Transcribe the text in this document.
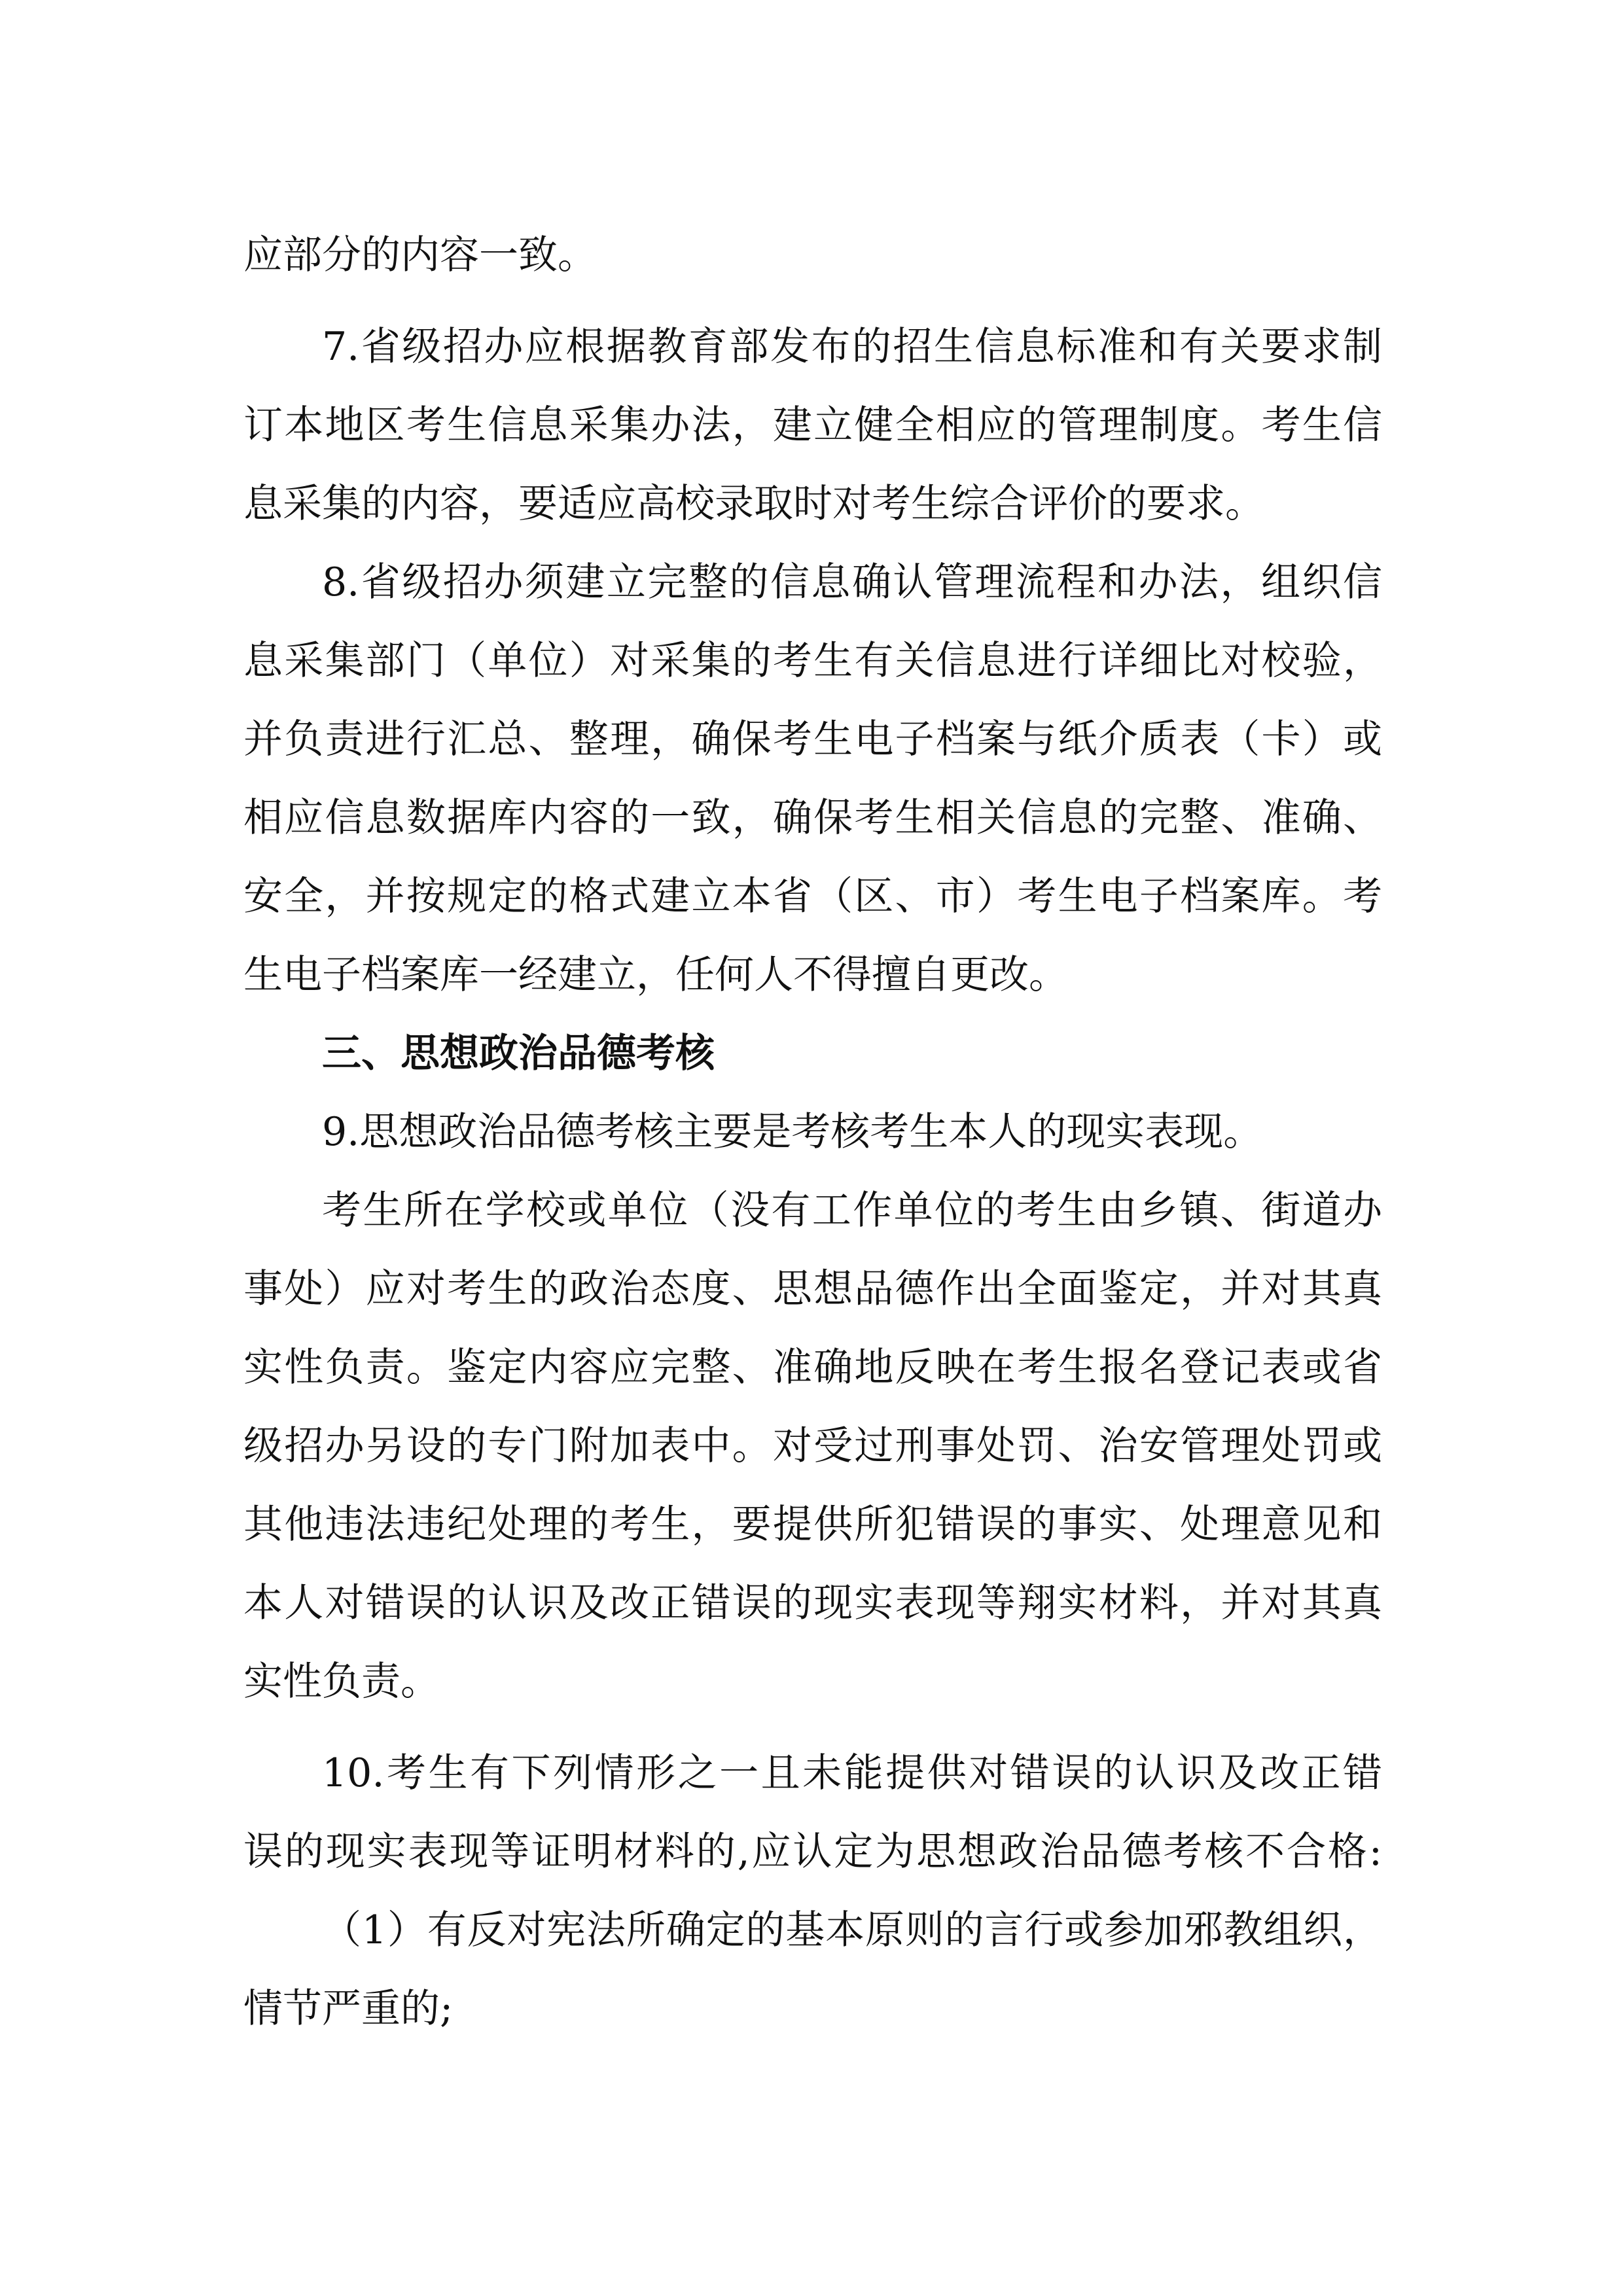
应部分的内容一致。

7.省级招办应根据教育部发布的招生信息标准和有关要求制

订本地区考生信息采集办法，建立健全相应的管理制度。考生信

息采集的内容，要适应高校录取时对考生综合评价的要求。

8.省级招办须建立完整的信息确认管理流程和办法，组织信

息采集部门（单位）对采集的考生有关信息进行详细比对校验，

并负责进行汇总、整理，确保考生电子档案与纸介质表（卡）或

相应信息数据库内容的一致，确保考生相关信息的完整、准确、

安全，并按规定的格式建立本省（区、市）考生电子档案库。考

生电子档案库一经建立，任何人不得擅自更改。

三、思想政治品德考核

9.思想政治品德考核主要是考核考生本人的现实表现。

考生所在学校或单位（没有工作单位的考生由乡镇、街道办

事处）应对考生的政治态度、思想品德作出全面鉴定，并对其真

实性负责。鉴定内容应完整、准确地反映在考生报名登记表或省

级招办另设的专门附加表中。对受过刑事处罚、治安管理处罚或

其他违法违纪处理的考生，要提供所犯错误的事实、处理意见和

本人对错误的认识及改正错误的现实表现等翔实材料，并对其真

实性负责。

10.考生有下列情形之一且未能提供对错误的认识及改正错

误的现实表现等证明材料的,应认定为思想政治品德考核不合格:

（1）有反对宪法所确定的基本原则的言行或参加邪教组织，

情节严重的;
